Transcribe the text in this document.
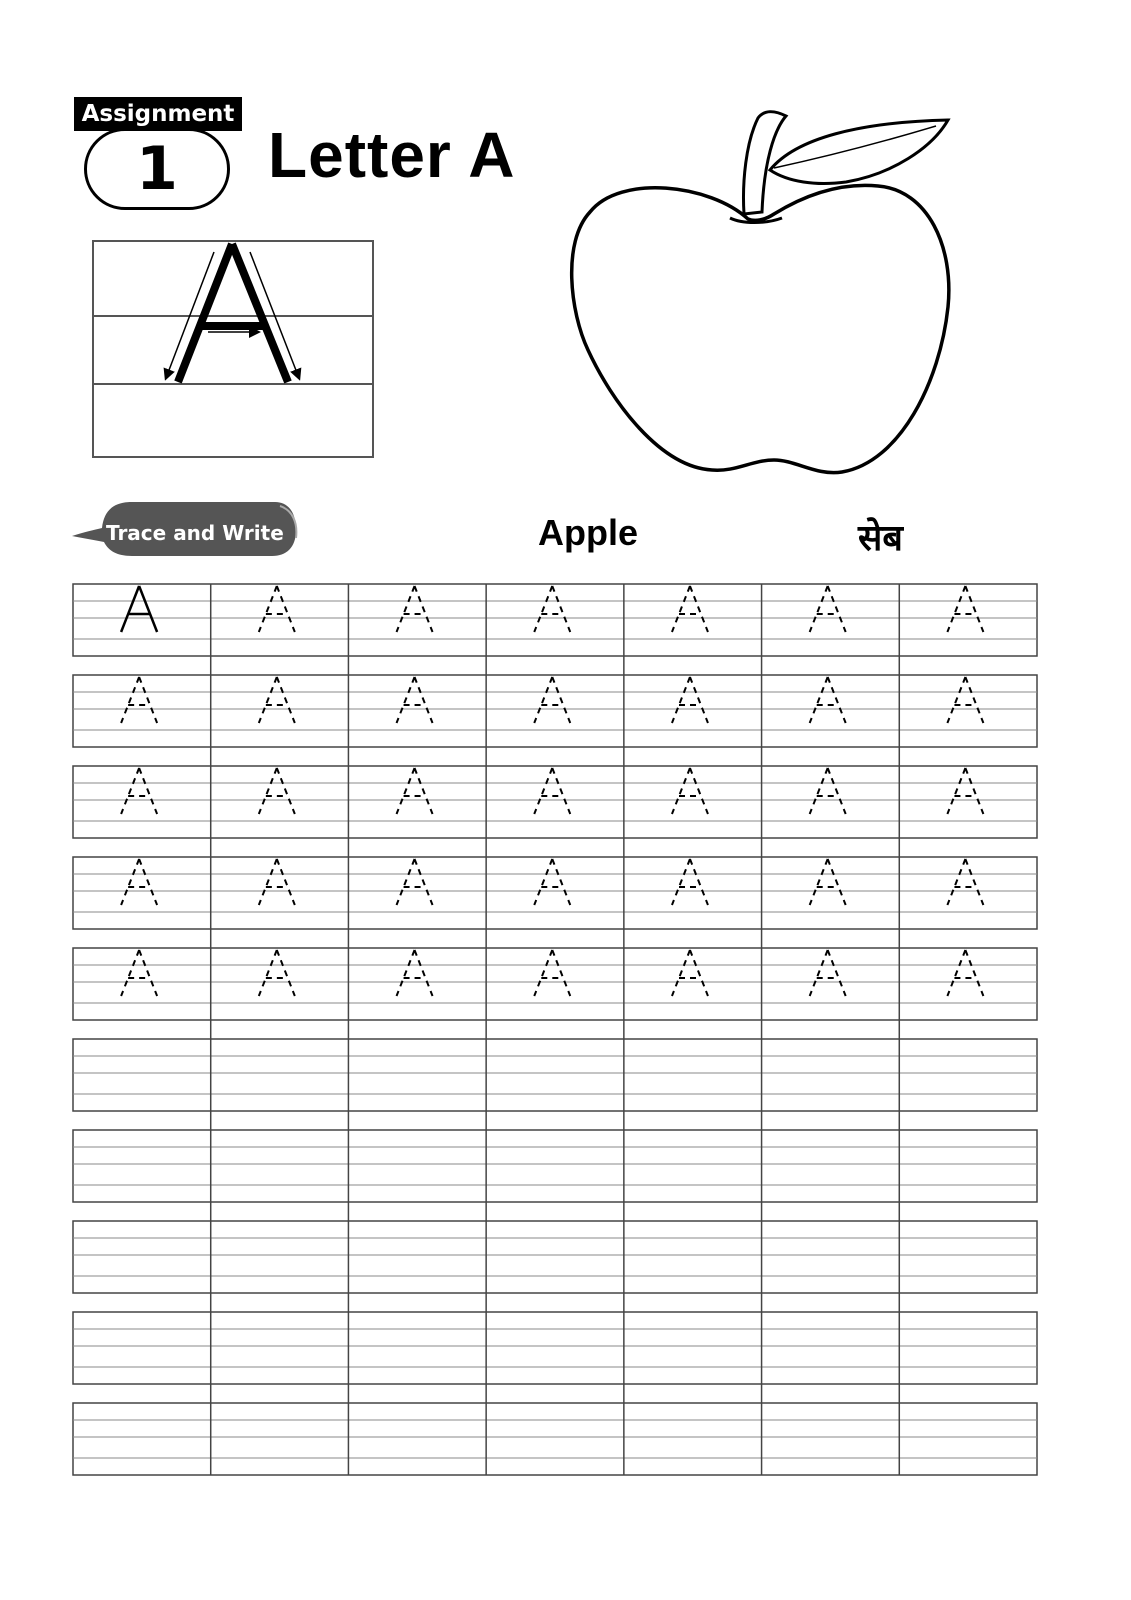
Assignment
1	Letter A
Trace and Write	Apple	सेब
